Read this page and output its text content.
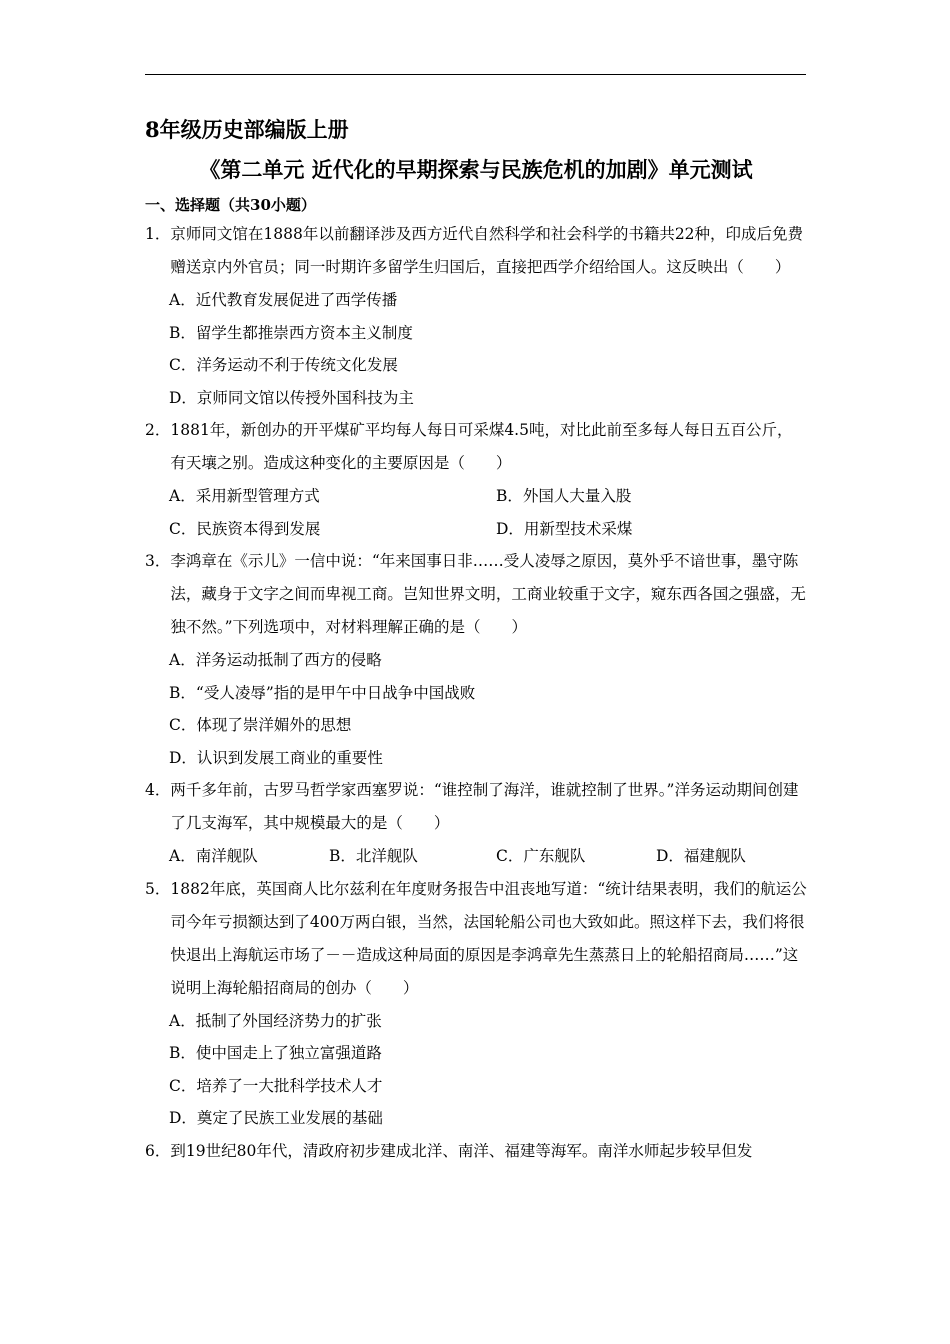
8年级历史部编版上册
《第二单元 近代化的早期探索与民族危机的加剧》单元测试
一、选择题（共30小题）
1． 京师同文馆在1888年以前翻译涉及西方近代自然科学和社会科学的书籍共22种，印成后免费赠送京内外官员；同一时期许多留学生归国后，直接把西学介绍给国人。这反映出（　　）
A．近代教育发展促进了西学传播
B．留学生都推崇西方资本主义制度
C．洋务运动不利于传统文化发展
D．京师同文馆以传授外国科技为主
2． 1881年，新创办的开平煤矿平均每人每日可采煤4.5吨，对比此前至多每人每日五百公斤，有天壤之别。造成这种变化的主要原因是（　　）
A．采用新型管理方式	B．外国人大量入股
C．民族资本得到发展	D．用新型技术采煤
3． 李鸿章在《示儿》一信中说：“年来国事日非……受人凌辱之原因，莫外乎不谙世事，墨守陈法，藏身于文字之间而卑视工商。岂知世界文明，工商业较重于文字，窥东西各国之强盛，无独不然。”下列选项中，对材料理解正确的是（　　）
A．洋务运动抵制了西方的侵略
B．“受人凌辱”指的是甲午中日战争中国战败
C．体现了崇洋媚外的思想
D．认识到发展工商业的重要性
4． 两千多年前，古罗马哲学家西塞罗说：“谁控制了海洋，谁就控制了世界。”洋务运动期间创建了几支海军，其中规模最大的是（　　）
A．南洋舰队	B．北洋舰队	C．广东舰队	D．福建舰队
5． 1882年底，英国商人比尔兹利在年度财务报告中沮丧地写道：“统计结果表明，我们的航运公司今年亏损额达到了400万两白银，当然，法国轮船公司也大致如此。照这样下去，我们将很快退出上海航运市场了－－造成这种局面的原因是李鸿章先生蒸蒸日上的轮船招商局……”这说明上海轮船招商局的创办（　　）
A．抵制了外国经济势力的扩张
B．使中国走上了独立富强道路
C．培养了一大批科学技术人才
D．奠定了民族工业发展的基础
6． 到19世纪80年代，清政府初步建成北洋、南洋、福建等海军。南洋水师起步较早但发
